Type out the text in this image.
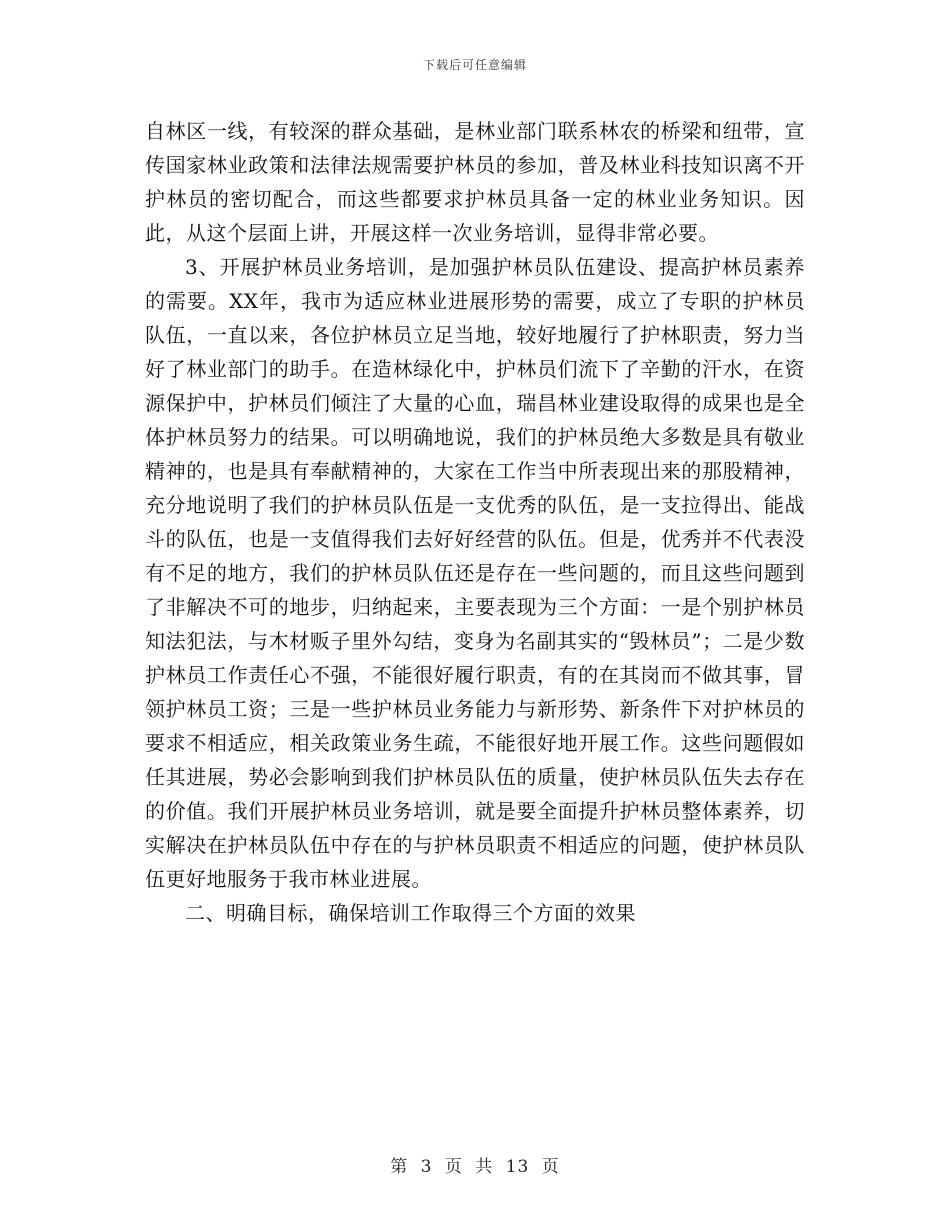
下载后可任意编辑

自林区一线，有较深的群众基础，是林业部门联系林农的桥梁和纽带，宣传国家林业政策和法律法规需要护林员的参加，普及林业科技知识离不开护林员的密切配合，而这些都要求护林员具备一定的林业业务知识。因此，从这个层面上讲，开展这样一次业务培训，显得非常必要。

3、开展护林员业务培训，是加强护林员队伍建设、提高护林员素养的需要。XX年，我市为适应林业进展形势的需要，成立了专职的护林员队伍，一直以来，各位护林员立足当地，较好地履行了护林职责，努力当好了林业部门的助手。在造林绿化中，护林员们流下了辛勤的汗水，在资源保护中，护林员们倾注了大量的心血，瑞昌林业建设取得的成果也是全体护林员努力的结果。可以明确地说，我们的护林员绝大多数是具有敬业精神的，也是具有奉献精神的，大家在工作当中所表现出来的那股精神，充分地说明了我们的护林员队伍是一支优秀的队伍，是一支拉得出、能战斗的队伍，也是一支值得我们去好好经营的队伍。但是，优秀并不代表没有不足的地方，我们的护林员队伍还是存在一些问题的，而且这些问题到了非解决不可的地步，归纳起来，主要表现为三个方面：一是个别护林员知法犯法，与木材贩子里外勾结，变身为名副其实的“毁林员”；二是少数护林员工作责任心不强，不能很好履行职责，有的在其岗而不做其事，冒领护林员工资；三是一些护林员业务能力与新形势、新条件下对护林员的要求不相适应，相关政策业务生疏，不能很好地开展工作。这些问题假如任其进展，势必会影响到我们护林员队伍的质量，使护林员队伍失去存在的价值。我们开展护林员业务培训，就是要全面提升护林员整体素养，切实解决在护林员队伍中存在的与护林员职责不相适应的问题，使护林员队伍更好地服务于我市林业进展。

二、明确目标，确保培训工作取得三个方面的效果

第 3 页 共 13 页
